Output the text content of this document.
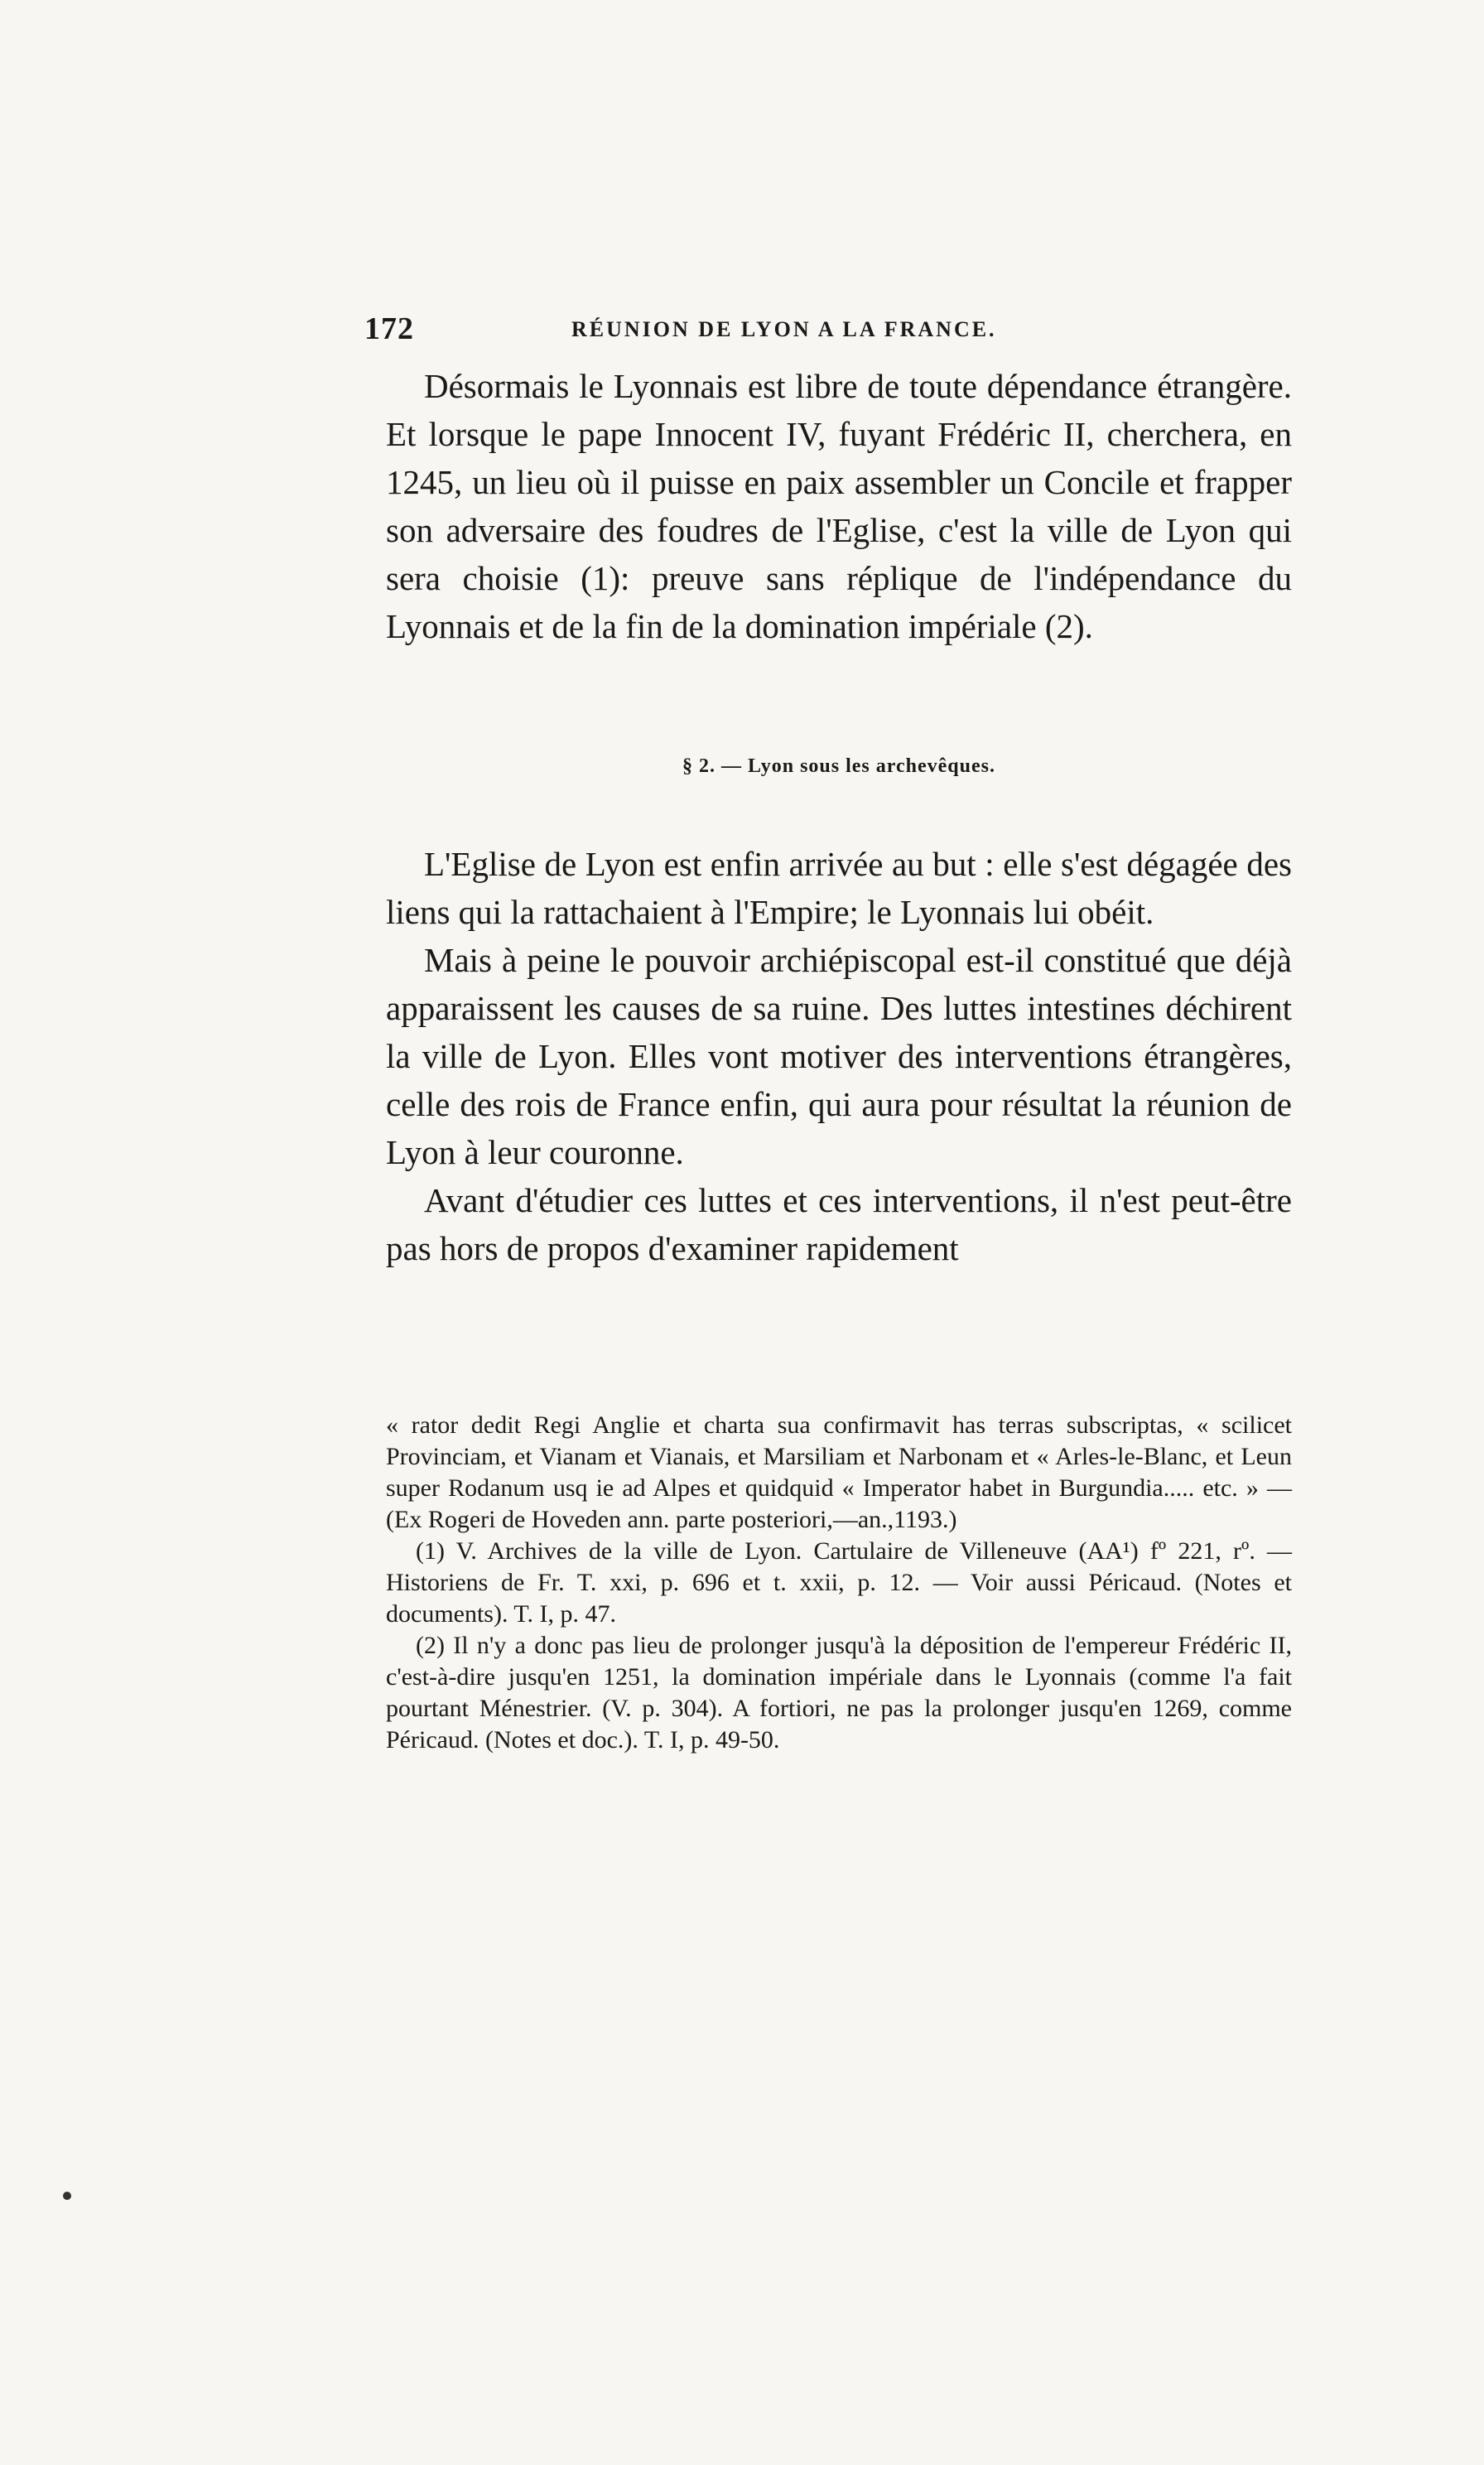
172	RÉUNION DE LYON A LA FRANCE.

Désormais le Lyonnais est libre de toute dépendance étrangère. Et lorsque le pape Innocent IV, fuyant Frédéric II, cherchera, en 1245, un lieu où il puisse en paix assembler un Concile et frapper son adversaire des foudres de l'Eglise, c'est la ville de Lyon qui sera choisie (1): preuve sans réplique de l'indépendance du Lyonnais et de la fin de la domination impériale (2).

§ 2. — Lyon sous les archevêques.

L'Eglise de Lyon est enfin arrivée au but : elle s'est dégagée des liens qui la rattachaient à l'Empire; le Lyonnais lui obéit.

Mais à peine le pouvoir archiépiscopal est-il constitué que déjà apparaissent les causes de sa ruine. Des luttes intestines déchirent la ville de Lyon. Elles vont motiver des interventions étrangères, celle des rois de France enfin, qui aura pour résultat la réunion de Lyon à leur couronne.

Avant d'étudier ces luttes et ces interventions, il n'est peut-être pas hors de propos d'examiner rapidement

« rator dedit Regi Anglie et charta sua confirmavit has terras subscriptas, « scilicet Provinciam, et Vianam et Vianais, et Marsiliam et Narbonam et « Arles-le-Blanc, et Leun super Rodanum usq ie ad Alpes et quidquid « Imperator habet in Burgundia..... etc. » — (Ex Rogeri de Hoveden ann. parte posteriori,—an.,1193.)

(1) V. Archives de la ville de Lyon. Cartulaire de Villeneuve (AA¹) fº 221, rº. — Historiens de Fr. T. xxi, p. 696 et t. xxii, p. 12. — Voir aussi Péricaud. (Notes et documents). T. I, p. 47.

(2) Il n'y a donc pas lieu de prolonger jusqu'à la déposition de l'empereur Frédéric II, c'est-à-dire jusqu'en 1251, la domination impériale dans le Lyonnais (comme l'a fait pourtant Ménestrier. (V. p. 304). A fortiori, ne pas la prolonger jusqu'en 1269, comme Péricaud. (Notes et doc.). T. I, p. 49-50.
